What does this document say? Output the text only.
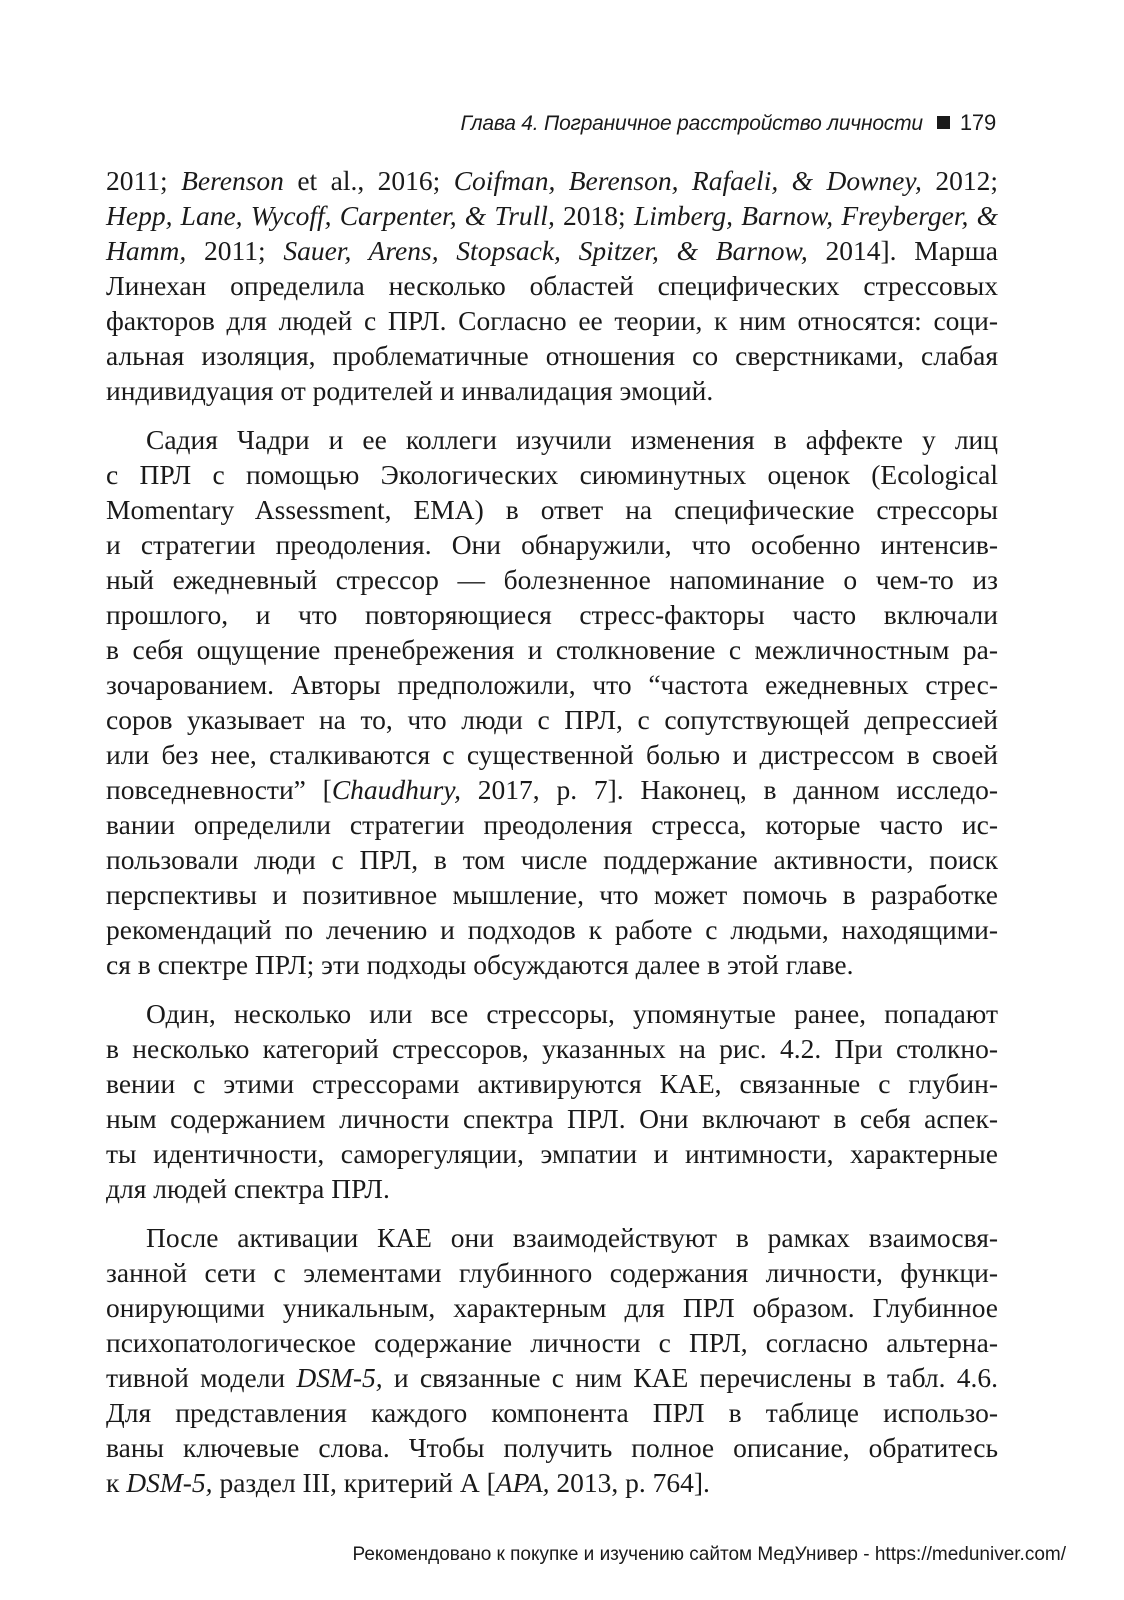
Глава 4. Пограничное расстройство личности 179
2011; Berenson et al., 2016; Coifman, Berenson, Rafaeli, & Downey, 2012;
Hepp, Lane, Wycoff, Carpenter, & Trull, 2018; Limberg, Barnow, Freyberger, &
Hamm, 2011; Sauer, Arens, Stopsack, Spitzer, & Barnow, 2014]. Марша
Линехан определила несколько областей специфических стрессовых
факторов для людей с ПРЛ. Согласно ее теории, к ним относятся: соци-
альная изоляция, проблематичные отношения со сверстниками, слабая
индивидуация от родителей и инвалидация эмоций.
Садия Чадри и ее коллеги изучили изменения в аффекте у лиц
с ПРЛ с помощью Экологических сиюминутных оценок (Ecological
Momentary Assessment, EMA) в ответ на специфические стрессоры
и стратегии преодоления. Они обнаружили, что особенно интенсив-
ный ежедневный стрессор — болезненное напоминание о чем-то из
прошлого, и что повторяющиеся стресс-факторы часто включали
в себя ощущение пренебрежения и столкновение с межличностным ра-
зочарованием. Авторы предположили, что “частота ежедневных стрес-
соров указывает на то, что люди с ПРЛ, с сопутствующей депрессией
или без нее, сталкиваются с существенной болью и дистрессом в своей
повседневности” [Chaudhury, 2017, p. 7]. Наконец, в данном исследо-
вании определили стратегии преодоления стресса, которые часто ис-
пользовали люди с ПРЛ, в том числе поддержание активности, поиск
перспективы и позитивное мышление, что может помочь в разработке
рекомендаций по лечению и подходов к работе с людьми, находящими-
ся в спектре ПРЛ; эти подходы обсуждаются далее в этой главе.
Один, несколько или все стрессоры, упомянутые ранее, попадают
в несколько категорий стрессоров, указанных на рис. 4.2. При столкно-
вении с этими стрессорами активируются КАЕ, связанные с глубин-
ным содержанием личности спектра ПРЛ. Они включают в себя аспек-
ты идентичности, саморегуляции, эмпатии и интимности, характерные
для людей спектра ПРЛ.
После активации КАЕ они взаимодействуют в рамках взаимосвя-
занной сети с элементами глубинного содержания личности, функци-
онирующими уникальным, характерным для ПРЛ образом. Глубинное
психопатологическое содержание личности с ПРЛ, согласно альтерна-
тивной модели DSM-5, и связанные с ним КАЕ перечислены в табл. 4.6.
Для представления каждого компонента ПРЛ в таблице использо-
ваны ключевые слова. Чтобы получить полное описание, обратитесь
к DSM-5, раздел III, критерий А [APA, 2013, p. 764].
Рекомендовано к покупке и изучению сайтом МедУнивер - https://meduniver.com/
